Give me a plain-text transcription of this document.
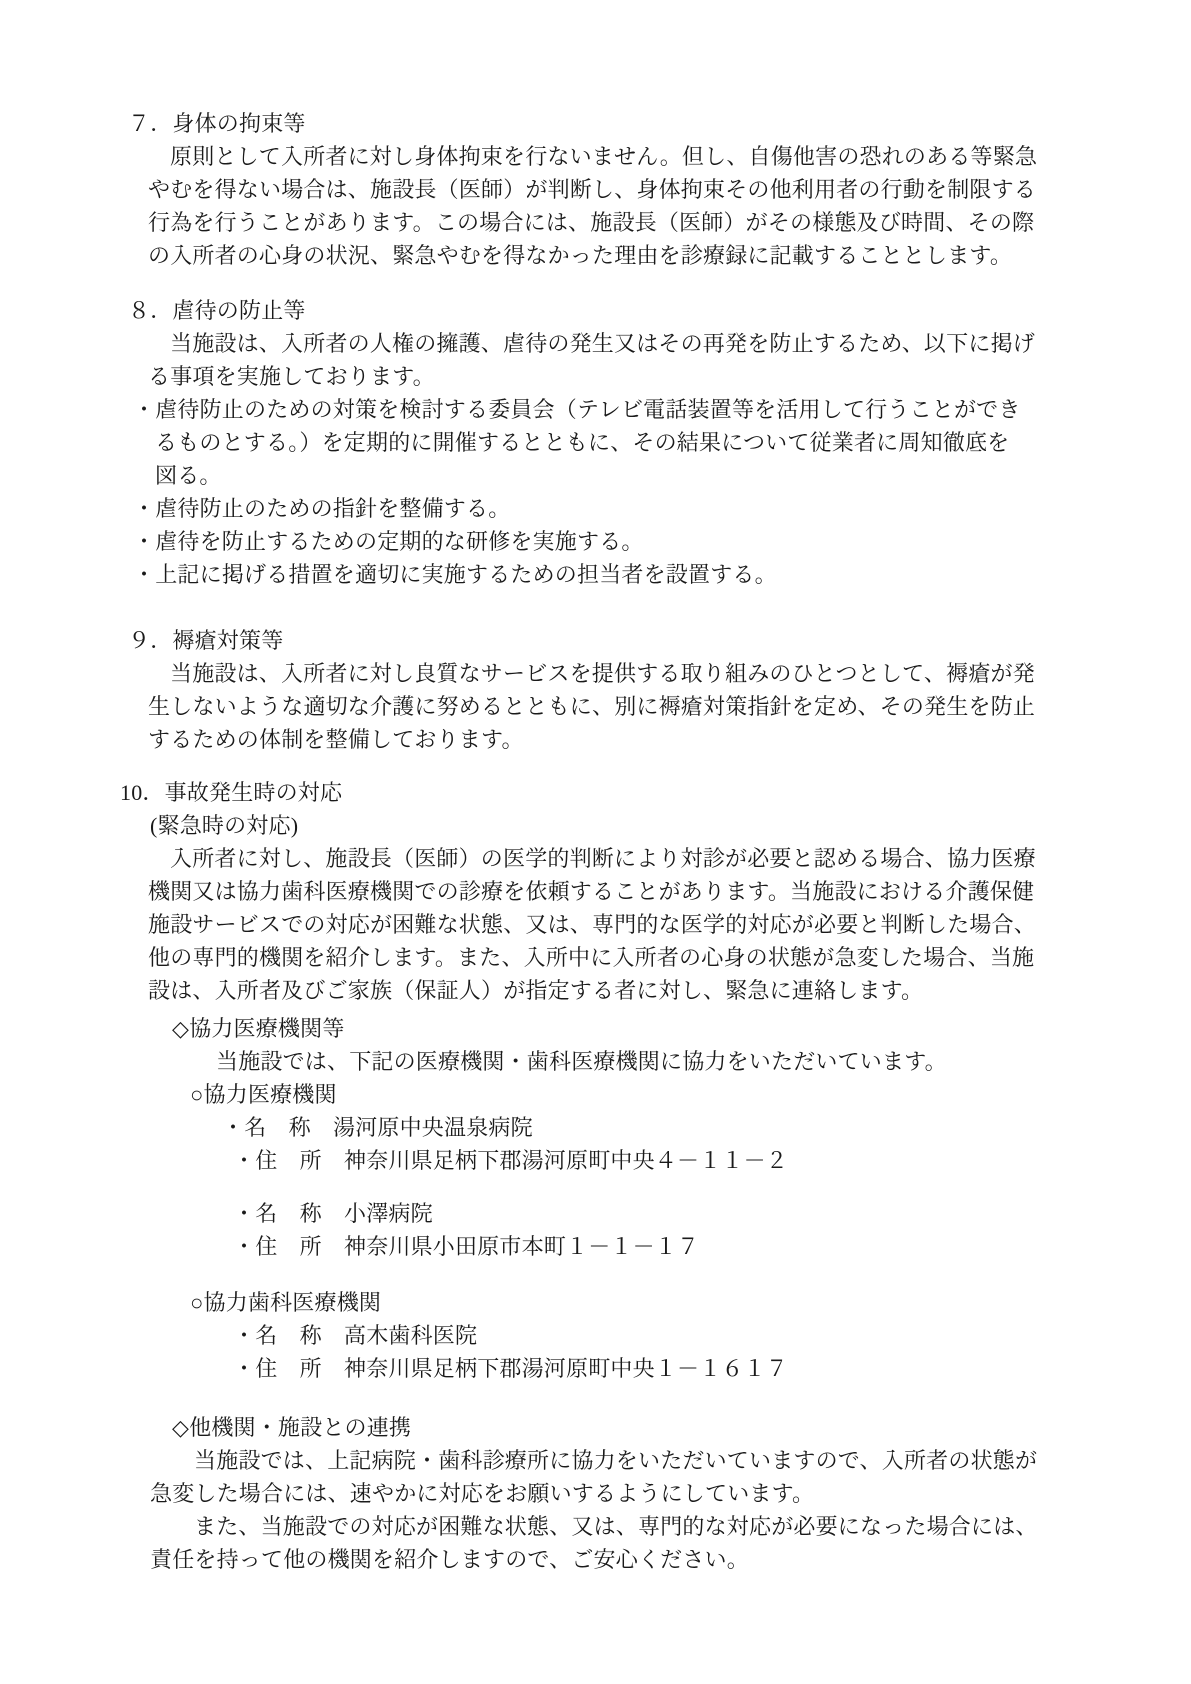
７．身体の拘束等
原則として入所者に対し身体拘束を行ないません。但し、自傷他害の恐れのある等緊急
やむを得ない場合は、施設長（医師）が判断し、身体拘束その他利用者の行動を制限する
行為を行うことがあります。この場合には、施設長（医師）がその様態及び時間、その際
の入所者の心身の状況、緊急やむを得なかった理由を診療録に記載することとします。
８．虐待の防止等
当施設は、入所者の人権の擁護、虐待の発生又はその再発を防止するため、以下に掲げ
る事項を実施しております。
・虐待防止のための対策を検討する委員会（テレビ電話装置等を活用して行うことができ
るものとする。）を定期的に開催するとともに、その結果について従業者に周知徹底を
図る。
・虐待防止のための指針を整備する。
・虐待を防止するための定期的な研修を実施する。
・上記に掲げる措置を適切に実施するための担当者を設置する。
９．褥瘡対策等
当施設は、入所者に対し良質なサービスを提供する取り組みのひとつとして、褥瘡が発
生しないような適切な介護に努めるとともに、別に褥瘡対策指針を定め、その発生を防止
するための体制を整備しております。
10．事故発生時の対応
(緊急時の対応)
入所者に対し、施設長（医師）の医学的判断により対診が必要と認める場合、協力医療
機関又は協力歯科医療機関での診療を依頼することがあります。当施設における介護保健
施設サービスでの対応が困難な状態、又は、専門的な医学的対応が必要と判断した場合、
他の専門的機関を紹介します。また、入所中に入所者の心身の状態が急変した場合、当施
設は、入所者及びご家族（保証人）が指定する者に対し、緊急に連絡します。
◇協力医療機関等
当施設では、下記の医療機関・歯科医療機関に協力をいただいています。
○協力医療機関
・名　称　湯河原中央温泉病院
・住　所　神奈川県足柄下郡湯河原町中央４－１１－２
・名　称　小澤病院
・住　所　神奈川県小田原市本町１－１－１７
○協力歯科医療機関
・名　称　高木歯科医院
・住　所　神奈川県足柄下郡湯河原町中央１－１６１７
◇他機関・施設との連携
当施設では、上記病院・歯科診療所に協力をいただいていますので、入所者の状態が
急変した場合には、速やかに対応をお願いするようにしています。
また、当施設での対応が困難な状態、又は、専門的な対応が必要になった場合には、
責任を持って他の機関を紹介しますので、ご安心ください。
